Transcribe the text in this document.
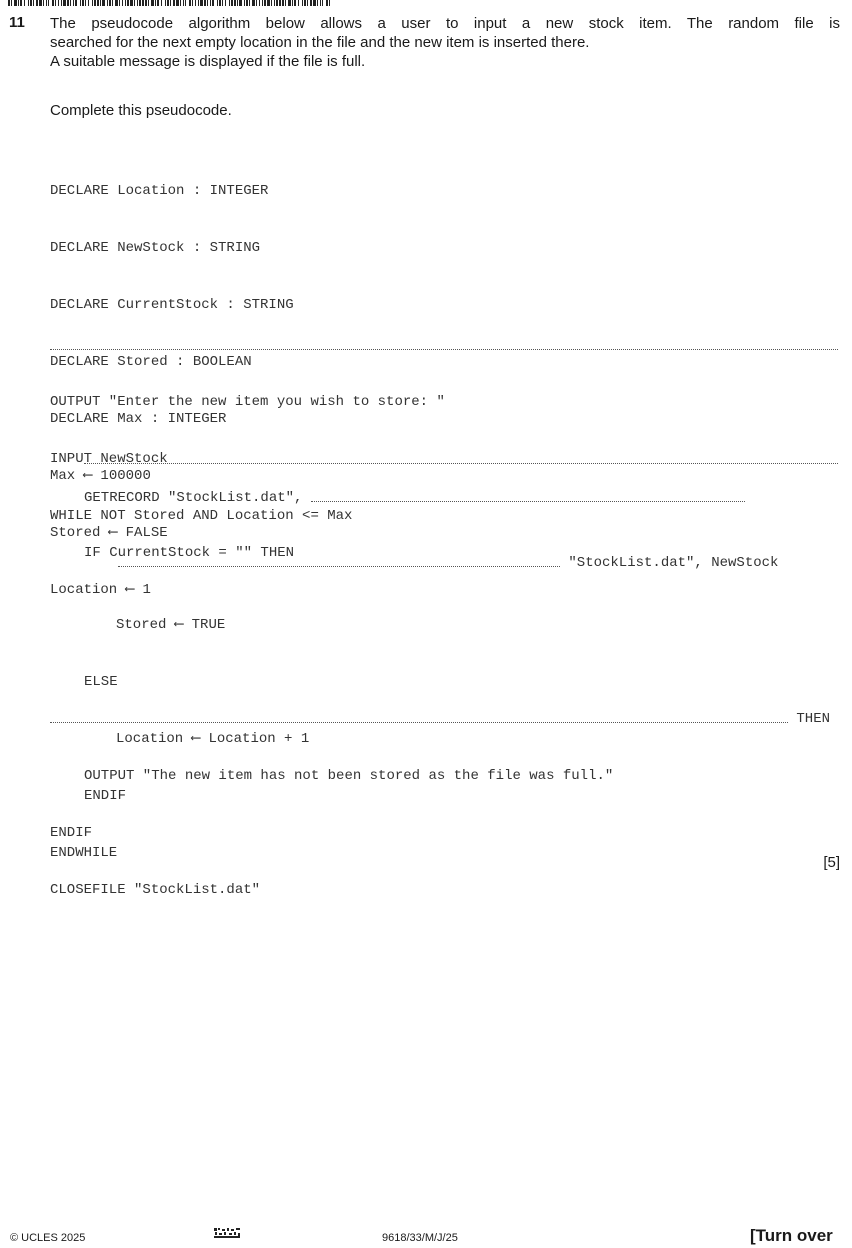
11 The pseudocode algorithm below allows a user to input a new stock item. The random file is

searched for the next empty location in the file and the new item is inserted there.

A suitable message is displayed if the file is full.

Complete this pseudocode.

DECLARE Location : INTEGER

DECLARE NewStock : STRING

DECLARE CurrentStock : STRING

DECLARE Stored : BOOLEAN

DECLARE Max : INTEGER

Max ⟵ 100000

Stored ⟵ FALSE

Location ⟵ 1

OUTPUT "Enter the new item you wish to store: "

INPUT NewStock

WHILE NOT Stored AND Location <= Max

GETRECORD "StockList.dat",

IF CurrentStock = "" THEN

"StockList.dat", NewStock

Stored ⟵ TRUE

ELSE

Location ⟵ Location + 1

ENDIF

ENDWHILE

THEN

OUTPUT "The new item has not been stored as the file was full."

ENDIF

CLOSEFILE "StockList.dat"

[5]
© UCLES 2025	9618/33/M/J/25	[Turn over
